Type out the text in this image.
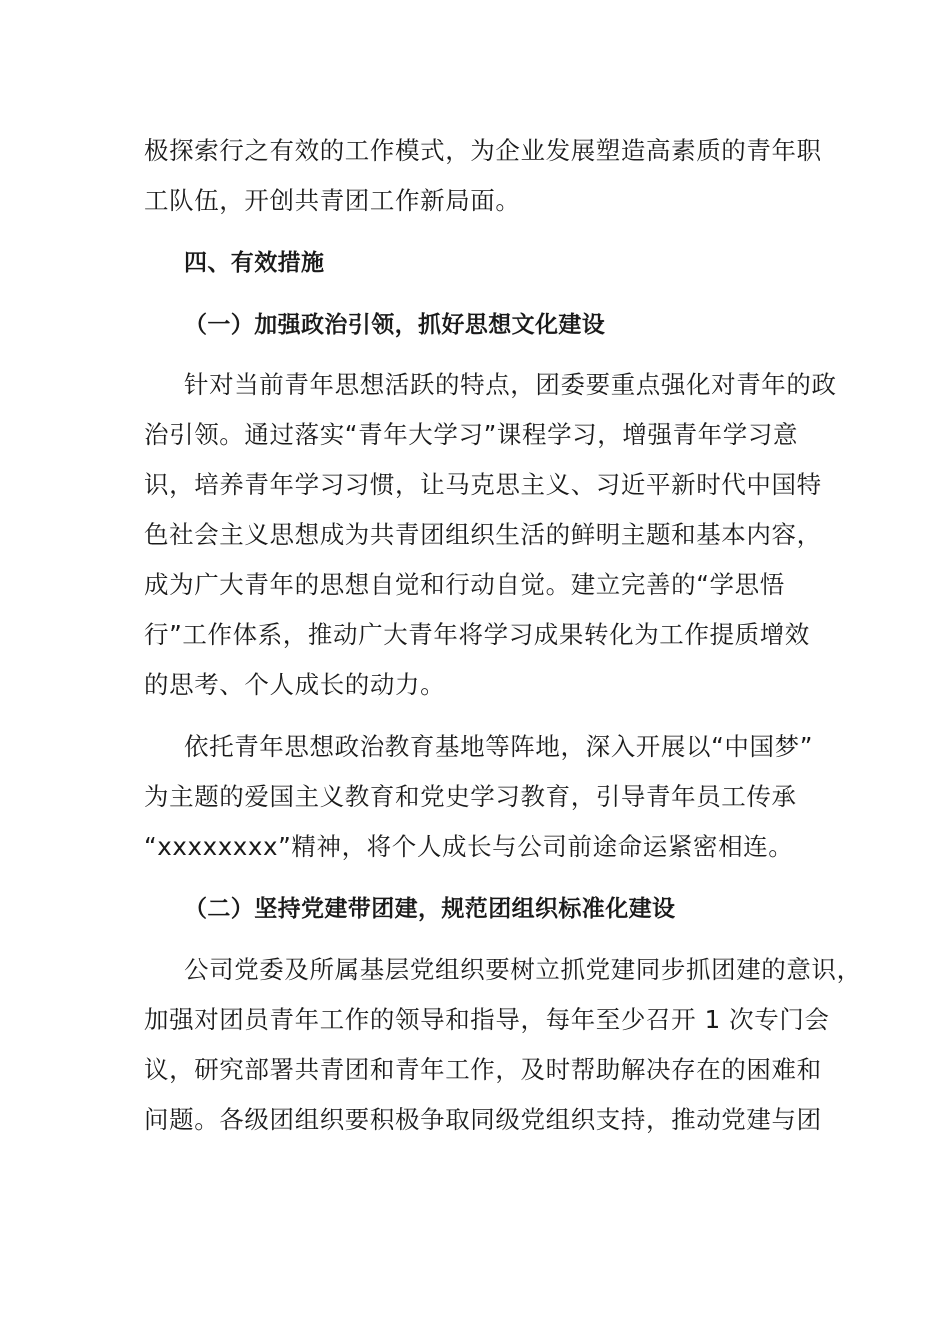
极探索行之有效的工作模式，为企业发展塑造高素质的青年职
工队伍，开创共青团工作新局面。
四、有效措施
（一）加强政治引领，抓好思想文化建设
针对当前青年思想活跃的特点，团委要重点强化对青年的政
治引领。通过落实“青年大学习”课程学习，增强青年学习意
识，培养青年学习习惯，让马克思主义、习近平新时代中国特
色社会主义思想成为共青团组织生活的鲜明主题和基本内容，
成为广大青年的思想自觉和行动自觉。建立完善的“学思悟
行”工作体系，推动广大青年将学习成果转化为工作提质增效
的思考、个人成长的动力。
依托青年思想政治教育基地等阵地，深入开展以“中国梦”
为主题的爱国主义教育和党史学习教育，引导青年员工传承
“xxxxxxxx”精神，将个人成长与公司前途命运紧密相连。
（二）坚持党建带团建，规范团组织标准化建设
公司党委及所属基层党组织要树立抓党建同步抓团建的意识，
加强对团员青年工作的领导和指导，每年至少召开 1 次专门会
议，研究部署共青团和青年工作，及时帮助解决存在的困难和
问题。各级团组织要积极争取同级党组织支持，推动党建与团
